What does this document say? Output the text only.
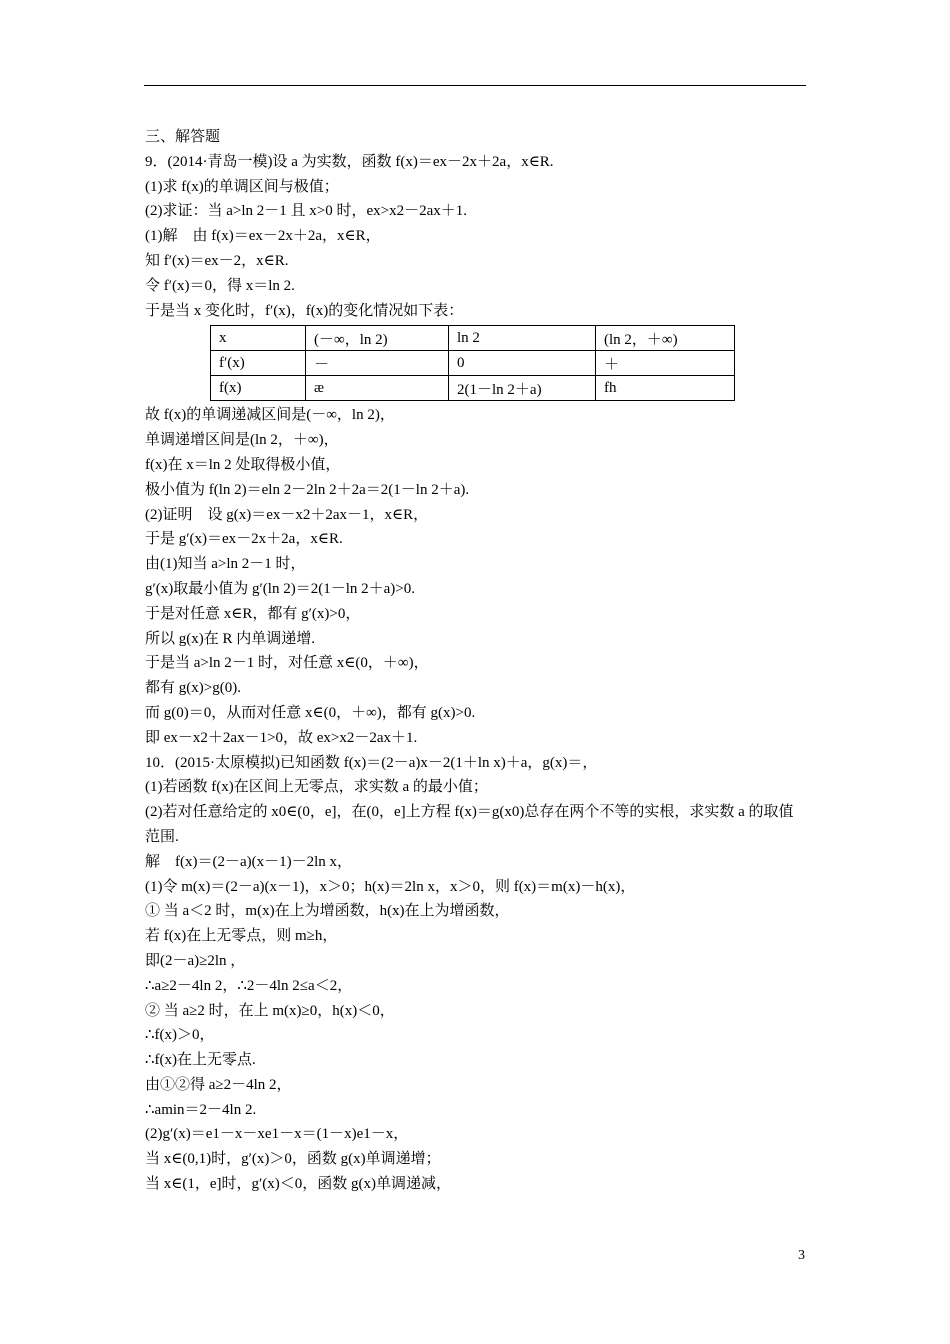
三、解答题
9．(2014·青岛一模)设 a 为实数，函数 f(x)＝ex－2x＋2a，x∈R.
(1)求 f(x)的单调区间与极值；
(2)求证：当 a>ln 2－1 且 x>0 时，ex>x2－2ax＋1.
(1)解　由 f(x)＝ex－2x＋2a，x∈R，
知 f′(x)＝ex－2，x∈R.
令 f′(x)＝0，得 x＝ln 2.
于是当 x 变化时，f′(x)，f(x)的变化情况如下表：
x	(－∞，ln 2)	ln 2	(ln 2，＋∞)
f′(x)	－	0	＋
f(x)	æ	2(1－ln 2＋a)	fh
故 f(x)的单调递减区间是(－∞，ln 2)，
单调递增区间是(ln 2，＋∞)，
f(x)在 x＝ln 2 处取得极小值，
极小值为 f(ln 2)＝eln 2－2ln 2＋2a＝2(1－ln 2＋a).
(2)证明　设 g(x)＝ex－x2＋2ax－1，x∈R，
于是 g′(x)＝ex－2x＋2a，x∈R.
由(1)知当 a>ln 2－1 时，
g′(x)取最小值为 g′(ln 2)＝2(1－ln 2＋a)>0.
于是对任意 x∈R，都有 g′(x)>0，
所以 g(x)在 R 内单调递增.
于是当 a>ln 2－1 时，对任意 x∈(0，＋∞)，
都有 g(x)>g(0).
而 g(0)＝0，从而对任意 x∈(0，＋∞)，都有 g(x)>0.
即 ex－x2＋2ax－1>0，故 ex>x2－2ax＋1.
10．(2015·太原模拟)已知函数 f(x)＝(2－a)x－2(1＋ln x)＋a，g(x)＝，
(1)若函数 f(x)在区间上无零点，求实数 a 的最小值；
(2)若对任意给定的 x0∈(0，e]，在(0，e]上方程 f(x)＝g(x0)总存在两个不等的实根，求实数 a 的取值范围.
解　f(x)＝(2－a)(x－1)－2ln x，
(1)令 m(x)＝(2－a)(x－1)，x＞0；h(x)＝2ln x，x＞0，则 f(x)＝m(x)－h(x)，
① 当 a＜2 时，m(x)在上为增函数，h(x)在上为增函数，
若 f(x)在上无零点，则 m≥h，
即(2－a)≥2ln ，
∴a≥2－4ln 2，∴2－4ln 2≤a＜2，
② 当 a≥2 时，在上 m(x)≥0，h(x)＜0，
∴f(x)＞0，
∴f(x)在上无零点.
由①②得 a≥2－4ln 2，
∴amin＝2－4ln 2.
(2)g′(x)＝e1－x－xe1－x＝(1－x)e1－x，
当 x∈(0,1)时，g′(x)＞0，函数 g(x)单调递增；
当 x∈(1，e]时，g′(x)＜0，函数 g(x)单调递减，
3
